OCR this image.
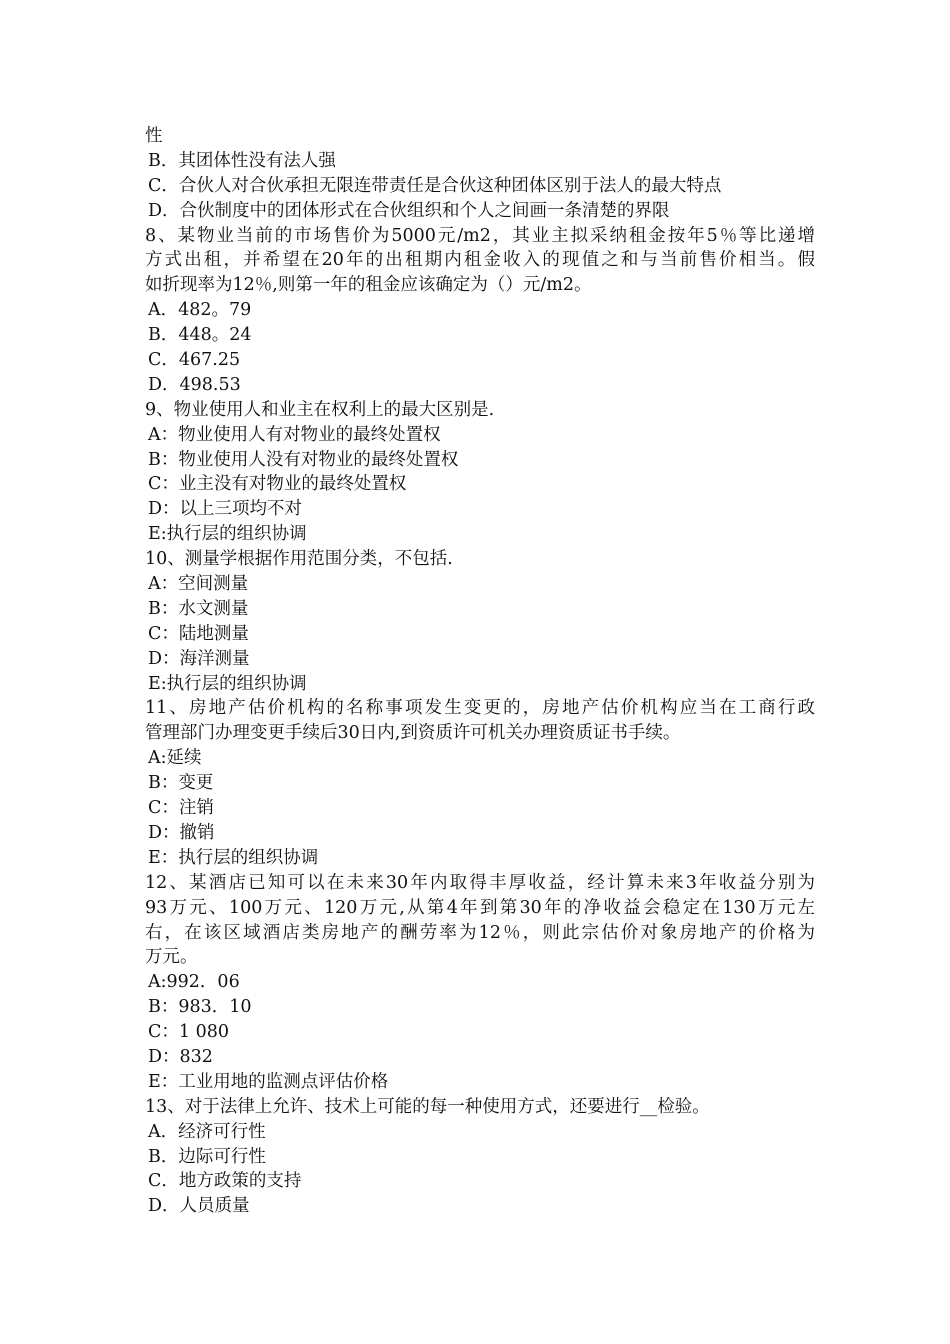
性
B．其团体性没有法人强
C．合伙人对合伙承担无限连带责任是合伙这种团体区别于法人的最大特点
D．合伙制度中的团体形式在合伙组织和个人之间画一条清楚的界限
8、某物业当前的市场售价为5000元/m2，其业主拟采纳租金按年5％等比递增
方式出租，并希望在20年的出租期内租金收入的现值之和与当前售价相当。假
如折现率为12％,则第一年的租金应该确定为（）元/m2。
A．482。79
B．448。24
C．467.25
D．498.53
9、物业使用人和业主在权利上的最大区别是.
A：物业使用人有对物业的最终处置权
B：物业使用人没有对物业的最终处置权
C：业主没有对物业的最终处置权
D：以上三项均不对
E:执行层的组织协调
10、测量学根据作用范围分类，不包括.
A：空间测量
B：水文测量
C：陆地测量
D：海洋测量
E:执行层的组织协调
11、房地产估价机构的名称事项发生变更的，房地产估价机构应当在工商行政
管理部门办理变更手续后30日内,到资质许可机关办理资质证书手续。
A:延续
B：变更
C：注销
D：撤销
E：执行层的组织协调
12、某酒店已知可以在未来30年内取得丰厚收益，经计算未来3年收益分别为
93万元、100万元、120万元,从第4年到第30年的净收益会稳定在130万元左
右，在该区域酒店类房地产的酬劳率为12％，则此宗估价对象房地产的价格为
万元。
A:992．06
B：983．10
C：1 080
D：832
E：工业用地的监测点评估价格
13、对于法律上允许、技术上可能的每一种使用方式，还要进行__检验。
A．经济可行性
B．边际可行性
C．地方政策的支持
D．人员质量
